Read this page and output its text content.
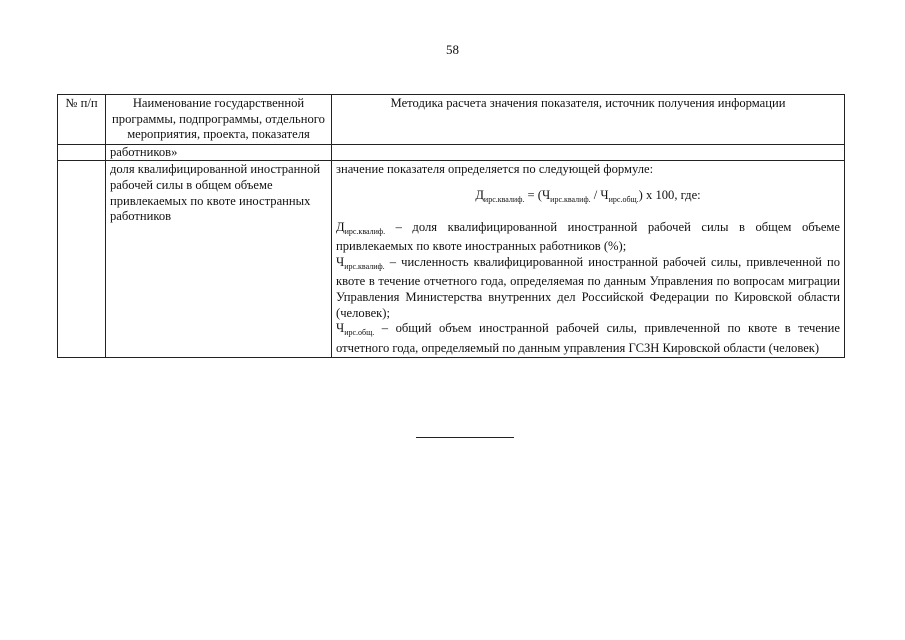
58
№ п/п	Наименование государственной программы, подпрограммы, отдельного мероприятия, проекта, показателя	Методика расчета значения показателя, источник получения информации
	работников»	
	доля квалифицированной иностранной рабочей силы в общем объеме привлекаемых по квоте иностранных работников	значение показателя определяется по следующей формуле:
$Д_{ирс.квалиф.} = (Ч_{ирс.квалиф.} / Ч_{ирс.общ.})$ x 100, где:
$Д_{ирс.квалиф.}$ – доля квалифицированной иностранной рабочей силы в общем объеме привлекаемых по квоте иностранных работников (%);
$Ч_{ирс.квалиф.}$ – численность квалифицированной иностранной рабочей силы, привлеченной по квоте в течение отчетного года, определяемая по данным Управления по вопросам миграции Управления Министерства внутренних дел Российской Федерации по Кировской области (человек);
$Ч_{ирс.общ.}$ – общий объем иностранной рабочей силы, привлеченной по квоте в течение отчетного года, определяемый по данным управления ГСЗН Кировской области (человек)
